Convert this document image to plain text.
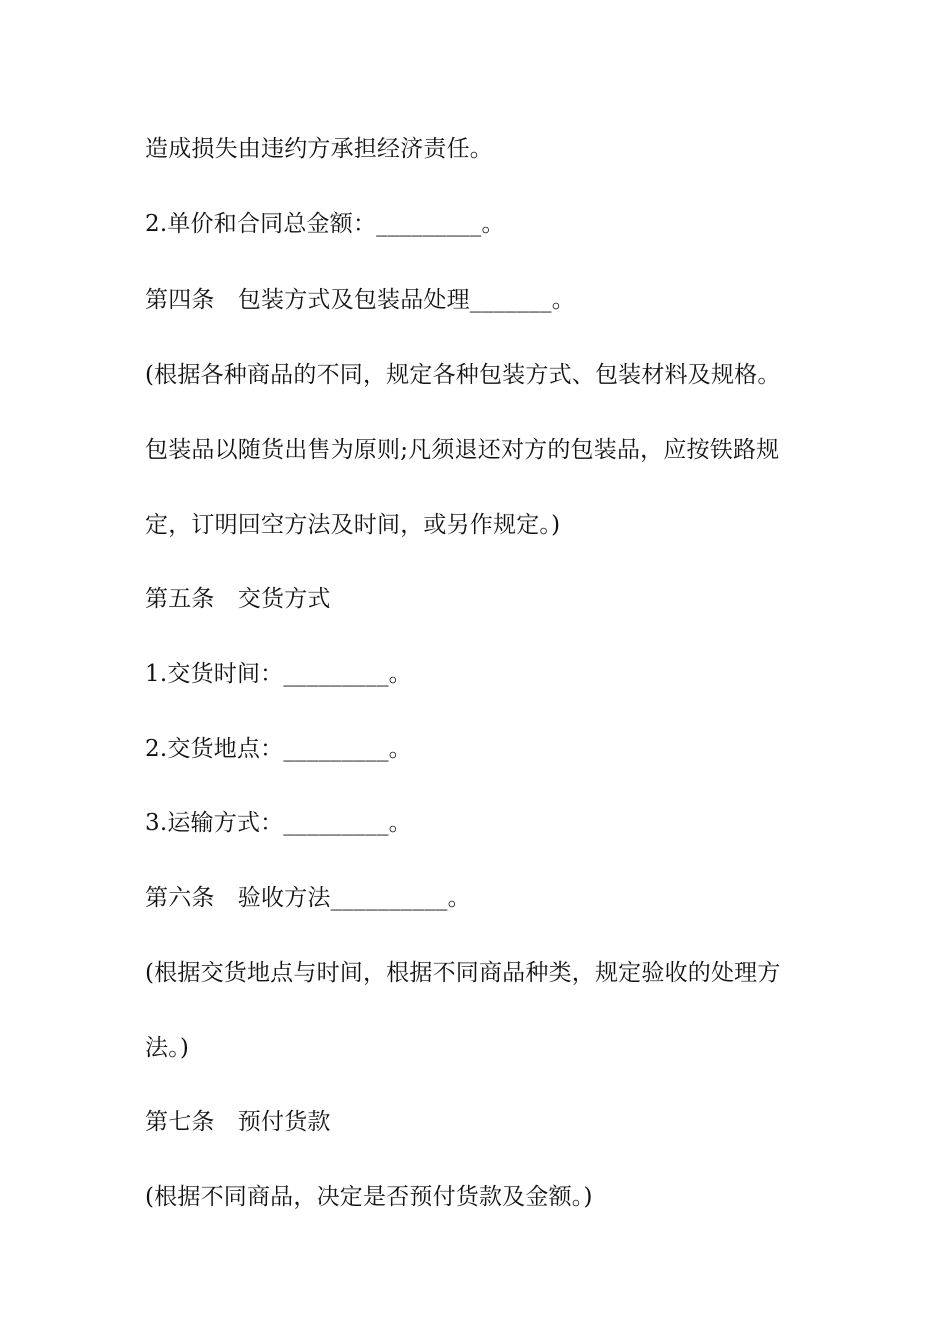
造成损失由违约方承担经济责任。
2.单价和合同总金额：_________。
第四条　包装方式及包装品处理_______。
(根据各种商品的不同，规定各种包装方式、包装材料及规格。
包装品以随货出售为原则;凡须退还对方的包装品，应按铁路规
定，订明回空方法及时间，或另作规定。)
第五条　交货方式
1.交货时间：_________。
2.交货地点：_________。
3.运输方式：_________。
第六条　验收方法__________。
(根据交货地点与时间，根据不同商品种类，规定验收的处理方
法。)
第七条　预付货款
(根据不同商品，决定是否预付货款及金额。)
